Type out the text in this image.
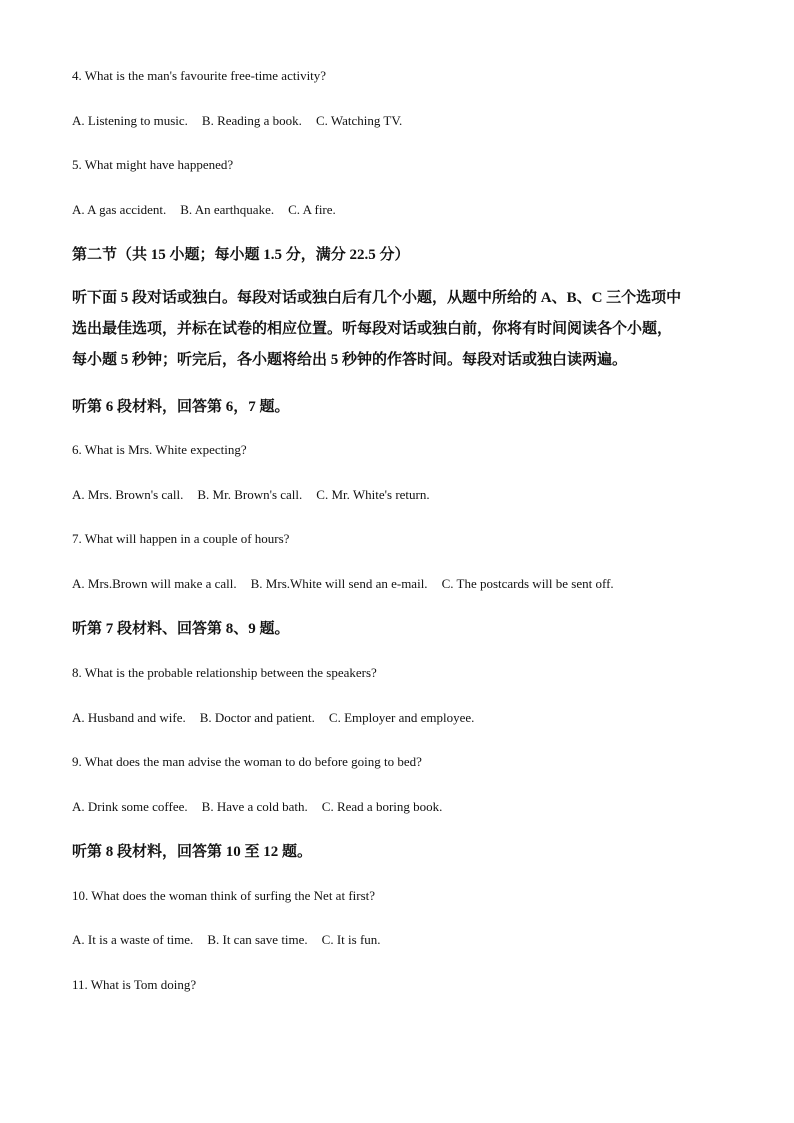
4. What is the man's favourite free-time activity?

A. Listening to music. B. Reading a book. C. Watching TV.

5. What might have happened?

A. A gas accident. B. An earthquake. C. A fire.

第二节（共 15 小题；每小题 1.5 分，满分 22.5 分）

听下面 5 段对话或独白。每段对话或独白后有几个小题，从题中所给的 A、B、C 三个选项中
选出最佳选项，并标在试卷的相应位置。听每段对话或独白前，你将有时间阅读各个小题，
每小题 5 秒钟；听完后，各小题将给出 5 秒钟的作答时间。每段对话或独白读两遍。

听第 6 段材料，回答第 6，7 题。

6. What is Mrs. White expecting?

A. Mrs. Brown's call. B. Mr. Brown's call. C. Mr. White's return.

7. What will happen in a couple of hours?

A. Mrs.Brown will make a call. B. Mrs.White will send an e-mail. C. The postcards will be sent off.

听第 7 段材料、回答第 8、9 题。

8. What is the probable relationship between the speakers?

A. Husband and wife. B. Doctor and patient. C. Employer and employee.

9. What does the man advise the woman to do before going to bed?

A. Drink some coffee. B. Have a cold bath. C. Read a boring book.

听第 8 段材料，回答第 10 至 12 题。

10. What does the woman think of surfing the Net at first?

A. It is a waste of time. B. It can save time. C. It is fun.

11. What is Tom doing?
